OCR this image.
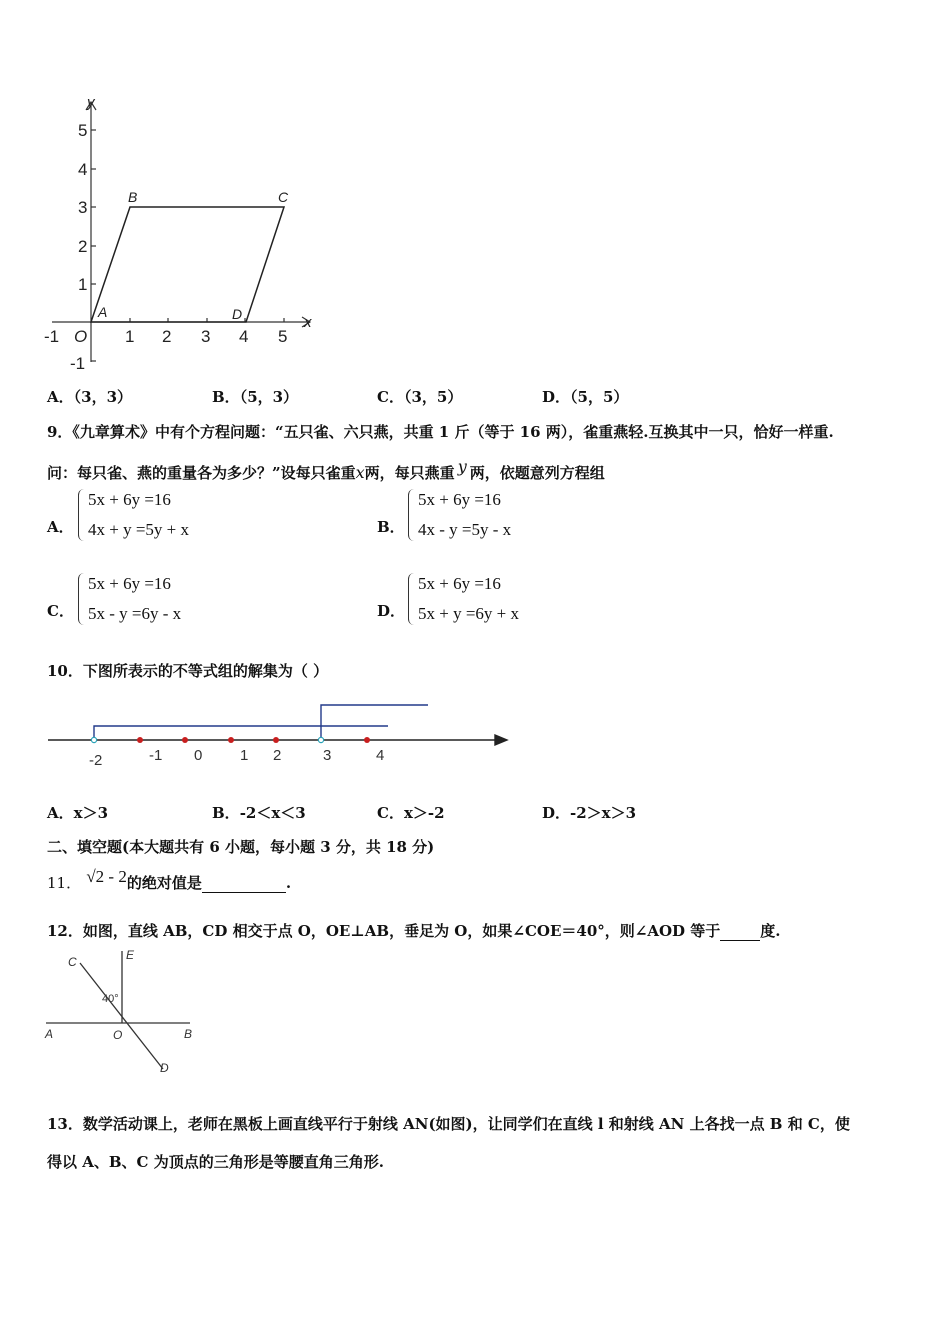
-1 O 1 2 3 4 5
x
y
5
4
3
2
1
-1
A
B	C
D
A．（3，3）	B．（5，3）	C．（3，5）	D．（5，5）
9．《九章算术》中有个方程问题：“五只雀、六只燕，共重 1 斤（等于 16 两），雀重燕轻.互换其中一只，恰好一样重.
问：每只雀、燕的重量各为多少？”设每只雀重x两，每只燕重 y 两，依题意列方程组
A．
5x + 6y =16
4x + y =5y + x	B．
5x + 6y =16
4x - y =5y - x
C．
5x + 6y =16
5x - y =6y - x	D．
5x + 6y =16
5x + y =6y + x
10．下图所表示的不等式组的解集为（ ）
-2	-1 0	1 2	3	4
A．x＞3	B．-2＜x＜3	C．x＞-2	D．-2＞x＞3
二、填空题(本大题共有 6 小题，每小题 3 分，共 18 分)
11． √2 - 2的绝对值是	.
12．如图，直线 AB，CD 相交于点 O，OE⊥AB，垂足为 O，如果∠COE＝40°，则∠AOD 等于	度.
C	E
40°
A	O	B
D
13．数学活动课上，老师在黑板上画直线平行于射线 AN(如图)，让同学们在直线 l 和射线 AN 上各找一点 B 和 C，使
得以 A、B、C 为顶点的三角形是等腰直角三角形.
